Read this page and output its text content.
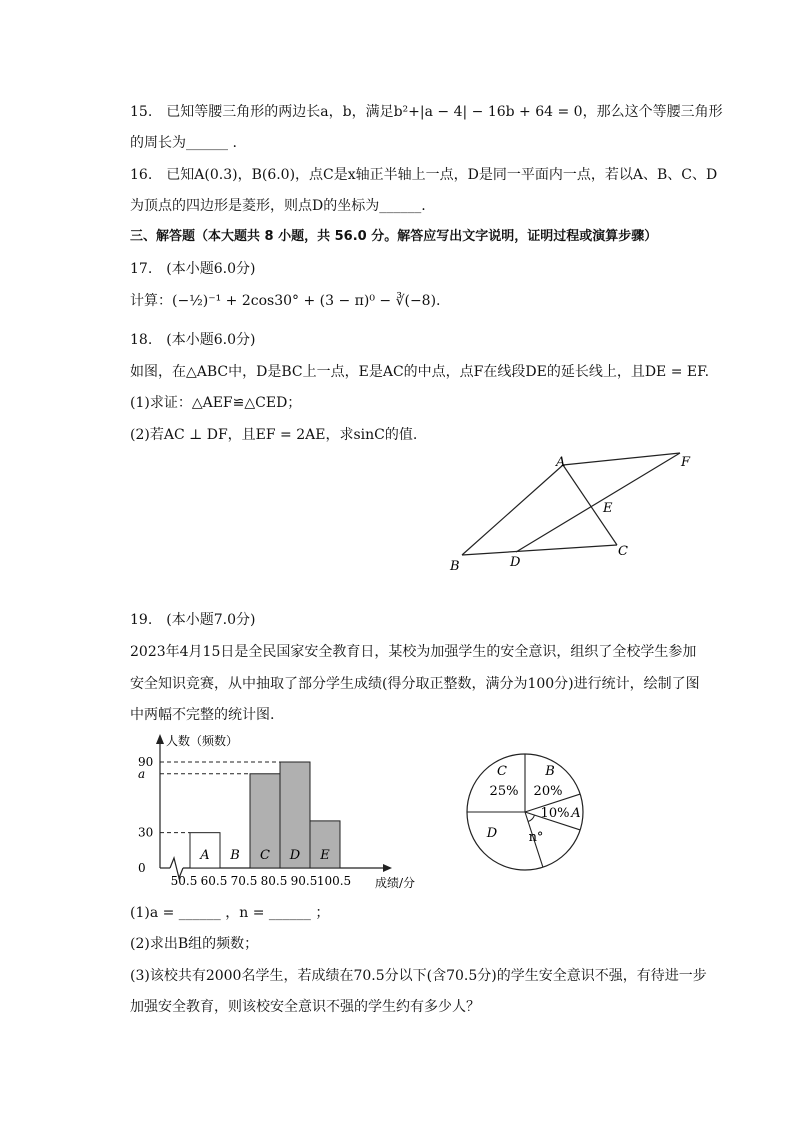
15.　已知等腰三角形的两边长a，b，满足b²+|a − 4| − 16b + 64 = 0，那么这个等腰三角形
的周长为______ .
16.　已知A(0.3)，B(6.0)，点C是x轴正半轴上一点，D是同一平面内一点，若以A、B、C、D
为顶点的四边形是菱形，则点D的坐标为______.
三、解答题（本大题共 8 小题，共 56.0 分。解答应写出文字说明，证明过程或演算步骤）
17.　(本小题6.0分)
计算：(−½)⁻¹ + 2cos30° + (3 − π)⁰ − ∛(−8).
18.　(本小题6.0分)
如图，在△ABC中，D是BC上一点，E是AC的中点，点F在线段DE的延长线上，且DE = EF.
(1)求证：△AEF≌△CED；
(2)若AC ⊥ DF，且EF = 2AE，求sinC的值.
A	F
E
C
D
B
19.　(本小题7.0分)
2023年4月15日是全民国家安全教育日，某校为加强学生的安全意识，组织了全校学生参加
安全知识竞赛，从中抽取了部分学生成绩(得分取正整数，满分为100分)进行统计，绘制了图
中两幅不完整的统计图.
人数（频数）
成绩/分
0
30
a
90
A B C D E
50.5 60.5 70.5 80.5 90.5 100.5
A
10%
B
20%
C
25%
D n°
(1)a = ______ ，n = ______ ；
(2)求出B组的频数；
(3)该校共有2000名学生，若成绩在70.5分以下(含70.5分)的学生安全意识不强，有待进一步
加强安全教育，则该校安全意识不强的学生约有多少人？
